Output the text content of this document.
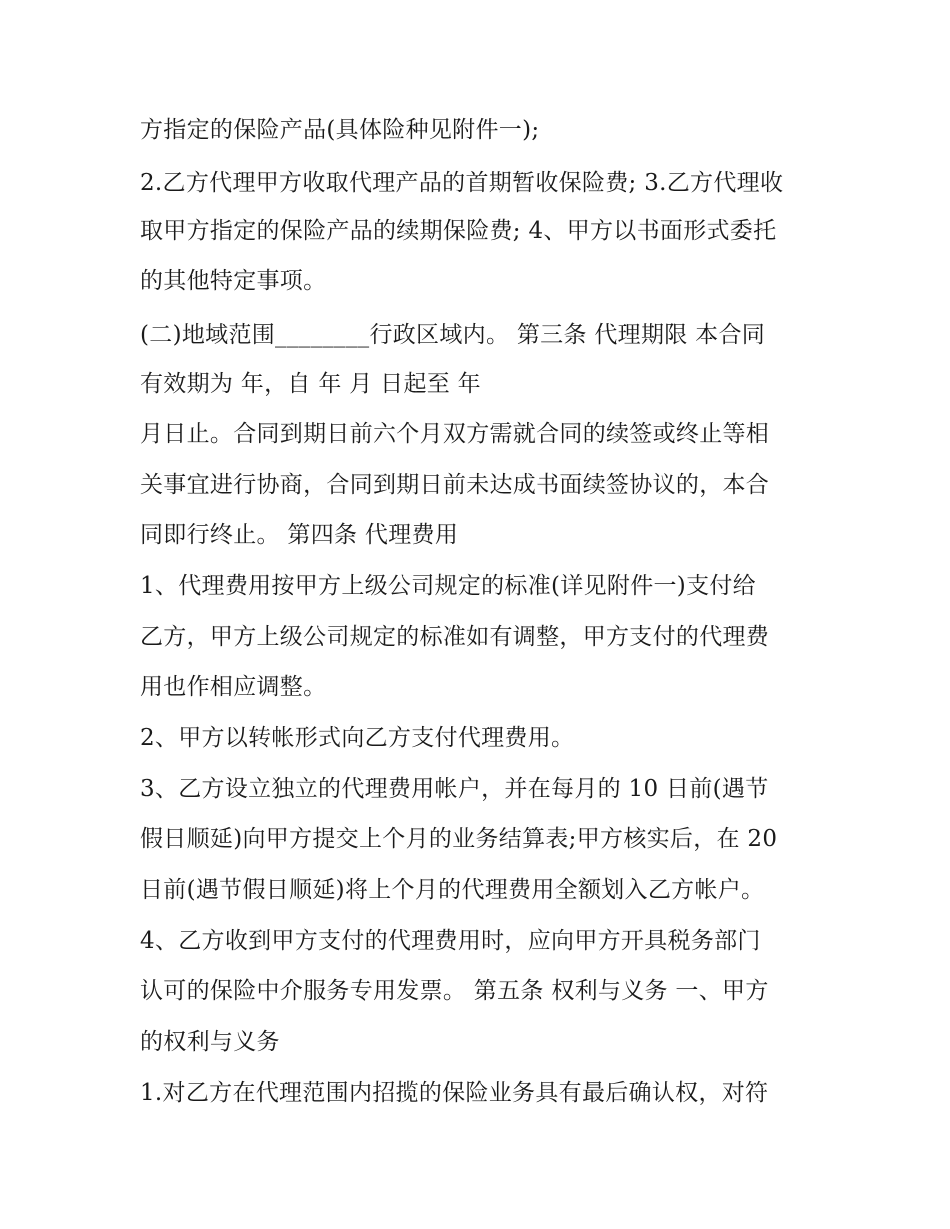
方指定的保险产品(具体险种见附件一);
2.乙方代理甲方收取代理产品的首期暂收保险费; 3.乙方代理收
取甲方指定的保险产品的续期保险费; 4、甲方以书面形式委托
的其他特定事项。
(二)地域范围________行政区域内。 第三条 代理期限 本合同
有效期为 年，自 年 月 日起至 年
月日止。合同到期日前六个月双方需就合同的续签或终止等相
关事宜进行协商，合同到期日前未达成书面续签协议的，本合
同即行终止。 第四条 代理费用
1、代理费用按甲方上级公司规定的标准(详见附件一)支付给
乙方，甲方上级公司规定的标准如有调整，甲方支付的代理费
用也作相应调整。
2、甲方以转帐形式向乙方支付代理费用。
3、乙方设立独立的代理费用帐户，并在每月的 10 日前(遇节
假日顺延)向甲方提交上个月的业务结算表;甲方核实后，在 20
日前(遇节假日顺延)将上个月的代理费用全额划入乙方帐户。
4、乙方收到甲方支付的代理费用时，应向甲方开具税务部门
认可的保险中介服务专用发票。 第五条 权利与义务 一、甲方
的权利与义务
1.对乙方在代理范围内招揽的保险业务具有最后确认权，对符
